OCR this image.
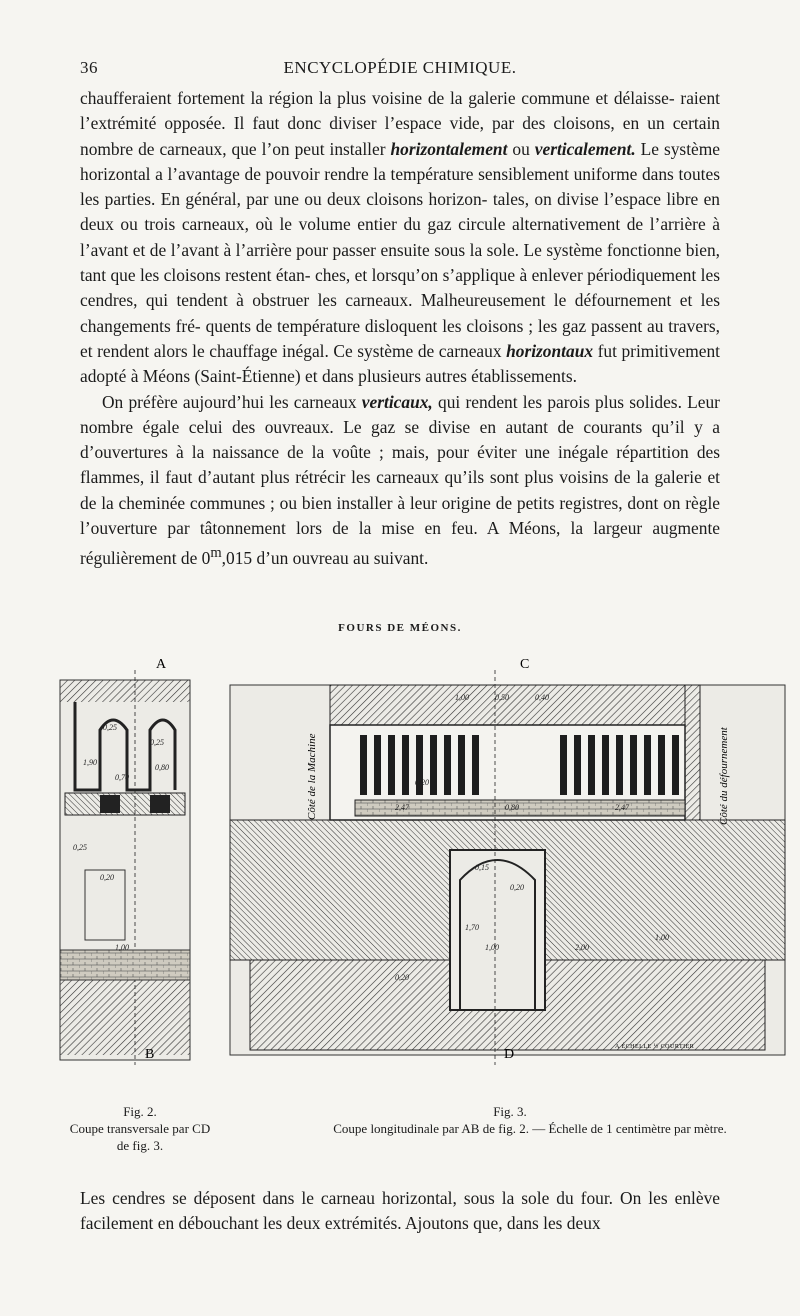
36	ENCYCLOPÉDIE CHIMIQUE.

chaufferaient fortement la région la plus voisine de la galerie commune et délaisse- raient l’extrémité opposée. Il faut donc diviser l’espace vide, par des cloisons, en un certain nombre de carneaux, que l’on peut installer horizontalement ou verticalement. Le système horizontal a l’avantage de pouvoir rendre la température sensiblement uniforme dans toutes les parties. En général, par une ou deux cloisons horizon- tales, on divise l’espace libre en deux ou trois carneaux, où le volume entier du gaz circule alternativement de l’arrière à l’avant et de l’avant à l’arrière pour passer ensuite sous la sole. Le système fonctionne bien, tant que les cloisons restent étan- ches, et lorsqu’on s’applique à enlever périodiquement les cendres, qui tendent à obstruer les carneaux. Malheureusement le défournement et les changements fré- quents de température disloquent les cloisons ; les gaz passent au travers, et rendent alors le chauffage inégal. Ce système de carneaux horizontaux fut primitivement adopté à Méons (Saint-Étienne) et dans plusieurs autres établissements.

On préfère aujourd’hui les carneaux verticaux, qui rendent les parois plus solides. Leur nombre égale celui des ouvreaux. Le gaz se divise en autant de courants qu’il y a d’ouvertures à la naissance de la voûte ; mais, pour éviter une inégale répartition des flammes, il faut d’autant plus rétrécir les carneaux qu’ils sont plus voisins de la galerie et de la cheminée communes ; ou bien installer à leur origine de petits registres, dont on règle l’ouverture par tâtonnement lors de la mise en feu. A Méons, la largeur augmente régulièrement de 0$^m$,015 d’un ouvreau au suivant.

FOURS DE MÉONS.
A
B
C
D
Côté de la Machine	Côté du défournement
A ÉCHELLE ½ COURTIER
0,25
0,25
0,70
1,90
0,80
0,25
0,20
1,00
0,50
1,00	0,40
0,20
2,47	0,80	2,47
0,15
0,20
1,00
1,70
2,00
1,00
0,20
Fig. 2.
Coupe transversale par CD
de fig. 3.
Fig. 3.
Coupe longitudinale par AB de fig. 2. — Échelle de 1 centimètre par mètre.

Les cendres se déposent dans le carneau horizontal, sous la sole du four. On les enlève facilement en débouchant les deux extrémités. Ajoutons que, dans les deux
